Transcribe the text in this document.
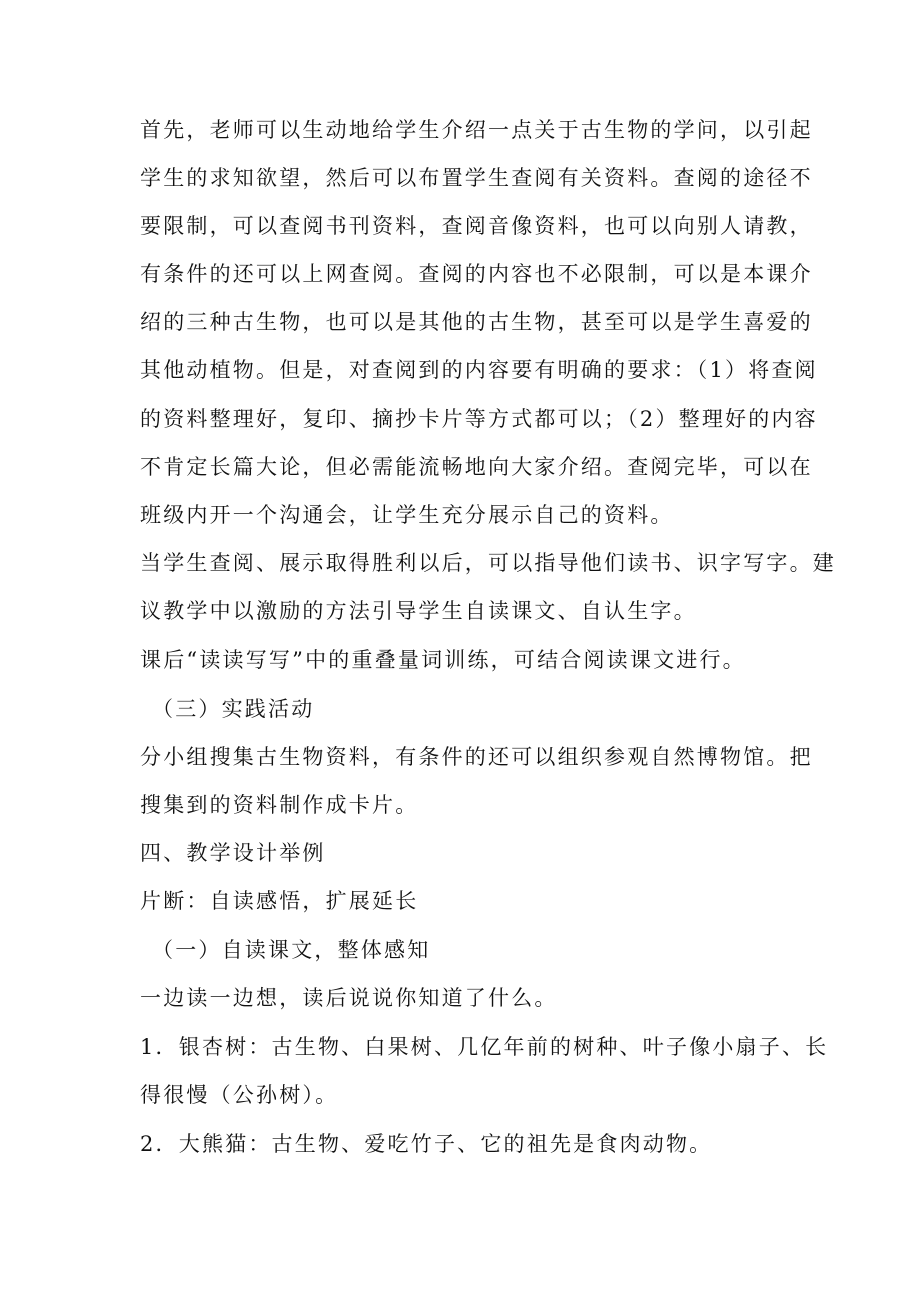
首先，老师可以生动地给学生介绍一点关于古生物的学问，以引起
学生的求知欲望，然后可以布置学生查阅有关资料。查阅的途径不
要限制，可以查阅书刊资料，查阅音像资料，也可以向别人请教，
有条件的还可以上网查阅。查阅的内容也不必限制，可以是本课介
绍的三种古生物，也可以是其他的古生物，甚至可以是学生喜爱的
其他动植物。但是，对查阅到的内容要有明确的要求：（1）将查阅
的资料整理好，复印、摘抄卡片等方式都可以；（2）整理好的内容
不肯定长篇大论，但必需能流畅地向大家介绍。查阅完毕，可以在
班级内开一个沟通会，让学生充分展示自己的资料。
当学生查阅、展示取得胜利以后，可以指导他们读书、识字写字。建
议教学中以激励的方法引导学生自读课文、自认生字。
课后“读读写写”中的重叠量词训练，可结合阅读课文进行。
（三）实践活动
分小组搜集古生物资料，有条件的还可以组织参观自然博物馆。把
搜集到的资料制作成卡片。
四、教学设计举例
片断：自读感悟，扩展延长
（一）自读课文，整体感知
一边读一边想，读后说说你知道了什么。
1．银杏树：古生物、白果树、几亿年前的树种、叶子像小扇子、长
得很慢（公孙树）。
2．大熊猫：古生物、爱吃竹子、它的祖先是食肉动物。
